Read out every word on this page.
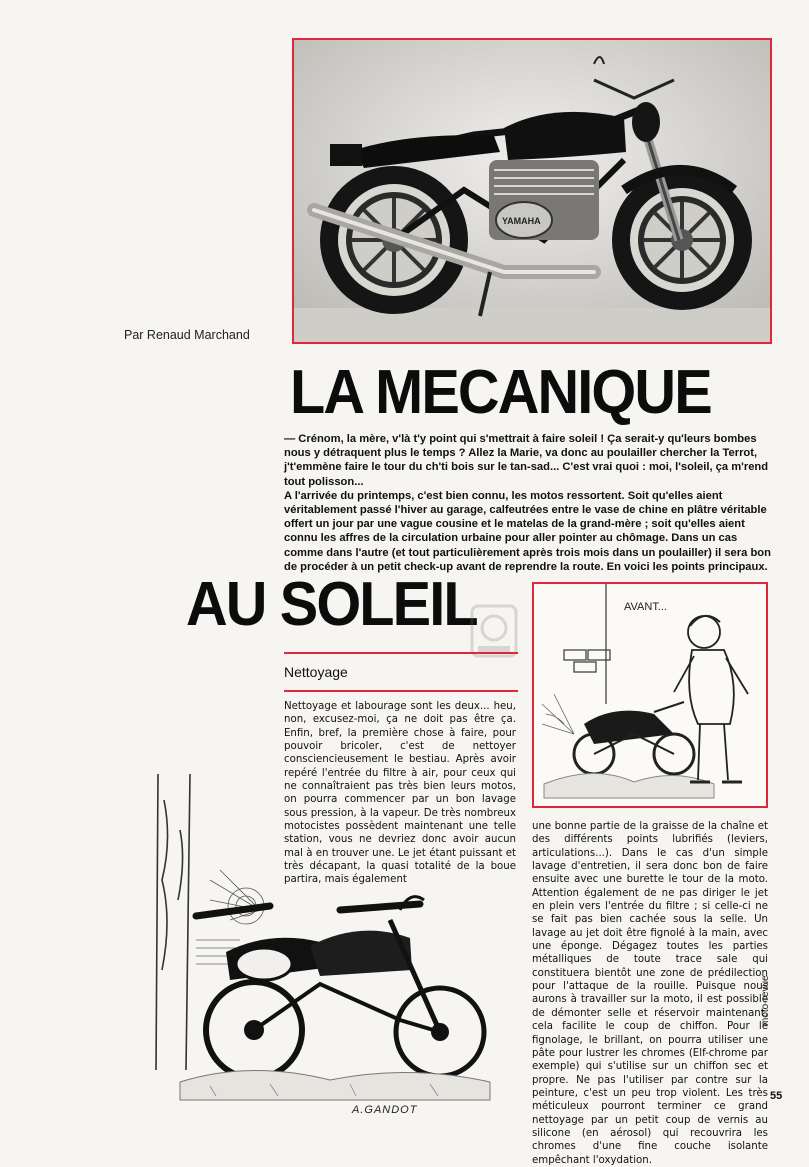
YAMAHA
Par Renaud Marchand
LA MECANIQUE

— Crénom, la mère, v'là t'y point qui s'mettrait à faire soleil ! Ça serait-y qu'leurs bombes nous y détraquent plus le temps ? Allez la Marie, va donc au poulailler chercher la Terrot, j't'emmène faire le tour du ch'ti bois sur le tan-sad... C'est vrai quoi : moi, l'soleil, ça m'rend tout polisson...

A l'arrivée du printemps, c'est bien connu, les motos ressortent. Soit qu'elles aient véritablement passé l'hiver au garage, calfeutrées entre le vase de chine en plâtre véritable offert un jour par une vague cousine et le matelas de la grand-mère ; soit qu'elles aient connu les affres de la circulation urbaine pour aller pointer au chômage. Dans un cas comme dans l'autre (et tout particulièrement après trois mois dans un poulailler) il sera bon de procéder à un petit check-up avant de reprendre la route. En voici les points principaux.

AU SOLEIL
Nettoyage

Nettoyage et labourage sont les deux... heu, non, excusez-moi, ça ne doit pas être ça. Enfin, bref, la première chose à faire, pour pouvoir bricoler, c'est de nettoyer consciencieusement le bestiau. Après avoir repéré l'entrée du filtre à air, pour ceux qui ne connaîtraient pas très bien leurs motos, on pourra commencer par un bon lavage sous pression, à la vapeur. De très nombreux motocistes possèdent maintenant une telle station, vous ne devriez donc avoir aucun mal à en trouver une. Le jet étant puissant et très décapant, la quasi totalité de la boue partira, mais également

AVANT...

une bonne partie de la graisse de la chaîne et des différents points lubrifiés (leviers, articulations...). Dans le cas d'un simple lavage d'entretien, il sera donc bon de faire ensuite avec une burette le tour de la moto. Attention également de ne pas diriger le jet en plein vers l'entrée du filtre ; si celle-ci ne se fait pas bien cachée sous la selle. Un lavage au jet doit être fignolé à la main, avec une éponge. Dégagez toutes les parties métalliques de toute trace sale qui constituera bientôt une zone de prédilection pour l'attaque de la rouille. Puisque nous aurons à travailler sur la moto, il est possible de démonter selle et réservoir maintenant, cela facilite le coup de chiffon. Pour le fignolage, le brillant, on pourra utiliser une pâte pour lustrer les chromes (Elf-chrome par exemple) qui s'utilise sur un chiffon sec et propre. Ne pas l'utiliser par contre sur la peinture, c'est un peu trop violent. Les très méticuleux pourront terminer ce grand nettoyage par un petit coup de vernis au silicone (en aérosol) qui recouvrira les chromes d'une fine couche isolante empêchant l'oxydation.

A.GANDOT
moto-revue
55
